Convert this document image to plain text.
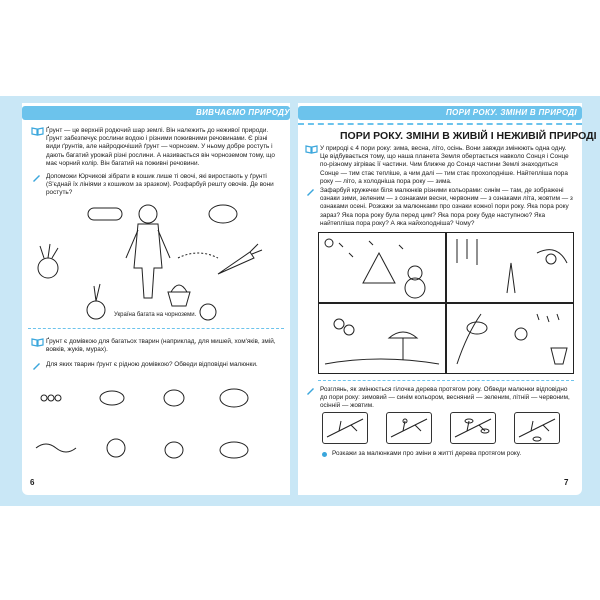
ВИВЧАЄМО ПРИРОДУ	ПОРИ РОКУ. ЗМІНИ В ПРИРОДІ
Ґрунт — це верхній родючий шар землі. Він належить до неживої природи. Ґрунт забезпечує рослини водою і різними поживними речовинами. Є різні види ґрунтів, але найродючіший ґрунт — чорнозем. У ньому добре ростуть і дають багатий урожай різні рослини. А називається він чорноземом тому, що має чорний колір. Він багатий на поживні речовини.
Допоможи Юрчикові зібрати в кошик лише ті овочі, які виростають у ґрунті (Ѕ'єднай їх лініями з кошиком за зразком). Розфарбуй решту овочів. Де вони ростуть?
Україна багата на чорноземи.
Ґрунт є домівкою для багатьох тварин (наприклад, для мишей, хом'яків, змій, вовків, жуків, мурах).
Для яких тварин ґрунт є рідною домівкою? Обведи відповідні малюнки.
6
ПОРИ РОКУ. ЗМІНИ В ЖИВІЙ І НЕЖИВІЙ ПРИРОДІ
У природі є 4 пори року: зима, весна, літо, осінь. Вони завжди змінюють одна одну. Це відбувається тому, що наша планета Земля обертається навколо Сонця і Сонце по-різному зігріває її частини. Чим ближче до Сонця частини Землі знаходиться Сонце — тим стає тепліше, а чим далі — тим стає прохолодніше. Найтепліша пора року — літо, а холодніша пора року — зима.
Зафарбуй кружечки біля малюнків різними кольорами: синім — там, де зображені ознаки зими, зеленим — з ознаками весни, червоним — з ознаками літа, жовтим — з ознаками осені. Розкажи за малюнками про ознаки кожної пори року. Яка пора року зараз? Яка пора року була перед цим? Яка пора року буде наступною? Яка найтепліша пора року? А яка найхолодніша? Чому?
Розглянь, як змінюється гілочка дерева протягом року. Обведи малюнки відповідно до пори року: зимовий — синім кольором, весняний — зеленим, літній — червоним, осінній — жовтим.
Розкажи за малюнками про зміни в житті дерева протягом року.
7
